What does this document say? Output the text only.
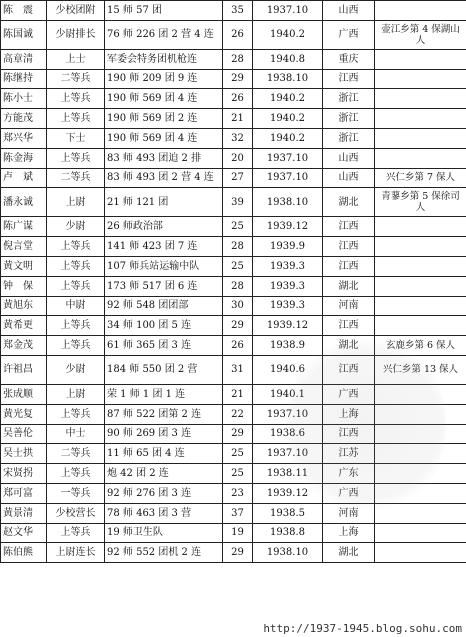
陈　震	少校团附	15 师 57 团	35	1937.10	山西	
陈国诚	少尉排长	76 师 226 团 2 营 4 连	26	1940.2	广西	壶江乡第 4 保湖山人
高章清	上士	军委会特务团机枪连	28	1940.8	重庆	
陈继持	二等兵	190 师 209 团 9 连	29	1938.10	江西	
陈小士	上等兵	190 师 569 团 4 连	26	1940.2	浙江	
方能茂	上等兵	190 师 569 团 2 连	21	1940.2	浙江	
郑兴华	下士	190 师 569 团 4 连	32	1940.2	浙江	
陈金海	上等兵	83 师 493 团迫 2 排	20	1937.10	山西	
卢　斌	二等兵	83 师 493 团 2 营 4 连	27	1937.10	山西	兴仁乡第 7 保人
潘永诚	上尉	21 师 121 团	39	1938.10	湖北	青蓼乡第 5 保徐司人
陈广谋	少尉	26 师政治部	25	1939.12	江西	
倪言堂	上等兵	141 师 423 团 7 连	28	1939.9	江西	
黄文明	上等兵	107 师兵站运输中队	25	1939.3	江西	
钟　保	上等兵	173 师 517 团 6 连	28	1939.3	湖北	
黄旭东	中尉	92 师 548 团团部	30	1939.3	河南	
黄希更	上等兵	34 师 100 团 5 连	29	1939.12	江西	
郑金茂	上等兵	61 师 365 团 3 连	26	1938.9	湖北	玄鹿乡第 6 保人
许祖昌	少尉	184 师 550 团 2 营	31	1940.6	江西	兴仁乡第 13 保人
张成顺	上尉	荣 1 师 1 团 1 连	21	1940.1	广西	
黄光复	上等兵	87 师 522 团第 2 连	22	1937.10	上海	
吴善伦	中士	90 师 269 团 3 连	29	1938.6	江西	
吴士拱	二等兵	11 师 65 团 4 连	25	1937.10	江苏	
宋贤拐	上等兵	炮 42 团 2 连	25	1938.11	广东	
郑可富	一等兵	92 师 276 团 3 连	23	1939.12	广西	
黄景清	少校营长	78 师 463 团 3 营	37	1938.5	河南	
赵文华	上等兵	19 师卫生队	19	1938.8	上海	
陈伯熊	上尉连长	92 师 552 团机 2 连	29	1938.10	湖北	
http://1937-1945.blog.sohu.com
